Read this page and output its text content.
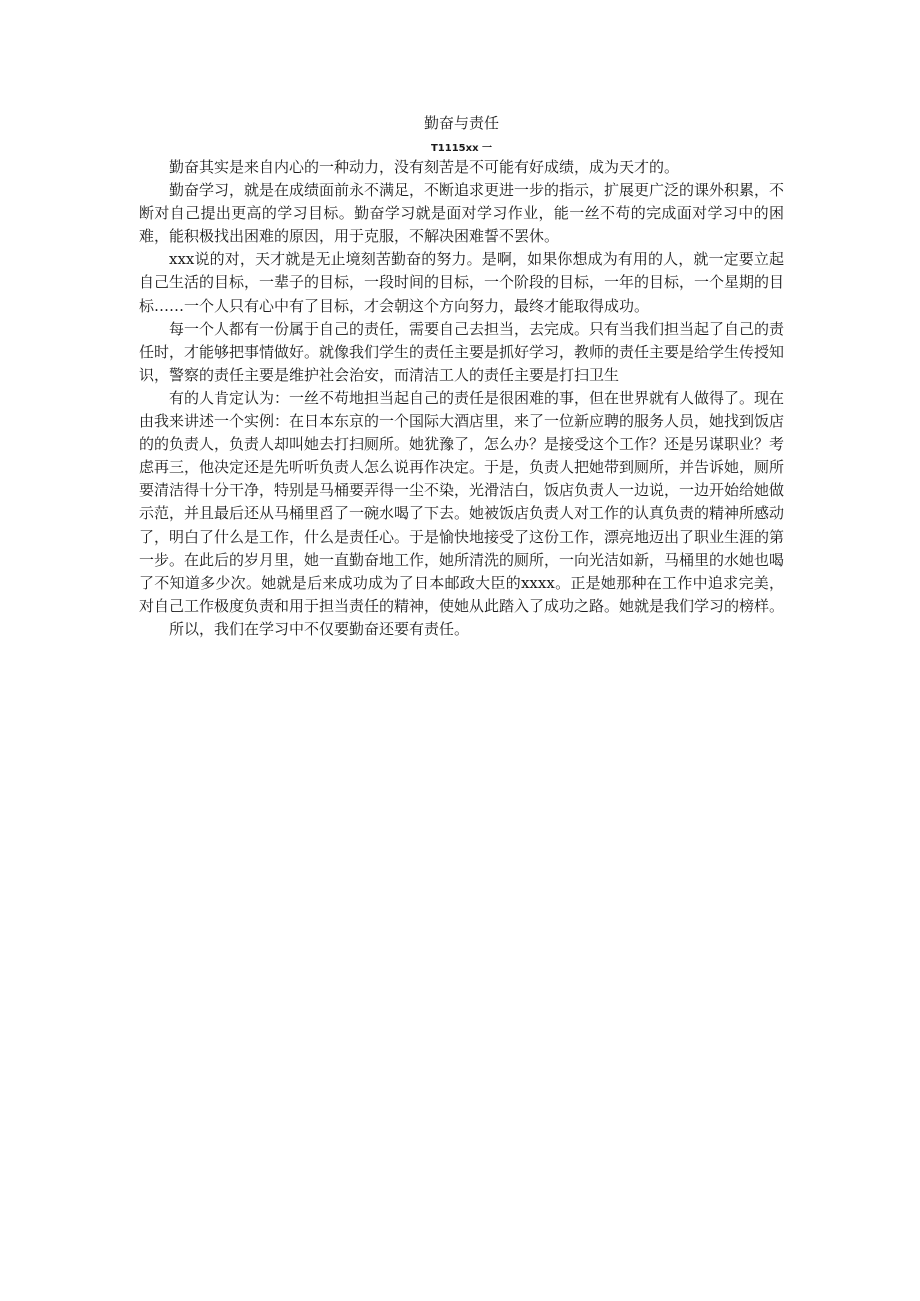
勤奋与责任
T1115xx 一

勤奋其实是来自内心的一种动力，没有刻苦是不可能有好成绩，成为天才的。

勤奋学习，就是在成绩面前永不满足，不断追求更进一步的指示，扩展更广泛的课外积累，不断对自己提出更高的学习目标。勤奋学习就是面对学习作业，能一丝不苟的完成面对学习中的困难，能积极找出困难的原因，用于克服，不解决困难誓不罢休。

xxx说的对，天才就是无止境刻苦勤奋的努力。是啊，如果你想成为有用的人，就一定要立起自己生活的目标，一辈子的目标，一段时间的目标，一个阶段的目标，一年的目标，一个星期的目标……一个人只有心中有了目标，才会朝这个方向努力，最终才能取得成功。

每一个人都有一份属于自己的责任，需要自己去担当，去完成。只有当我们担当起了自己的责任时，才能够把事情做好。就像我们学生的责任主要是抓好学习，教师的责任主要是给学生传授知识，警察的责任主要是维护社会治安，而清洁工人的责任主要是打扫卫生

有的人肯定认为：一丝不苟地担当起自己的责任是很困难的事，但在世界就有人做得了。现在由我来讲述一个实例：在日本东京的一个国际大酒店里，来了一位新应聘的服务人员，她找到饭店的的负责人，负责人却叫她去打扫厕所。她犹豫了，怎么办？是接受这个工作？还是另谋职业？考虑再三，他决定还是先听听负责人怎么说再作决定。于是，负责人把她带到厕所，并告诉她，厕所要清洁得十分干净，特别是马桶要弄得一尘不染，光滑洁白，饭店负责人一边说，一边开始给她做示范，并且最后还从马桶里舀了一碗水喝了下去。她被饭店负责人对工作的认真负责的精神所感动了，明白了什么是工作，什么是责任心。于是愉快地接受了这份工作，漂亮地迈出了职业生涯的第一步。在此后的岁月里，她一直勤奋地工作，她所清洗的厕所，一向光洁如新，马桶里的水她也喝了不知道多少次。她就是后来成功成为了日本邮政大臣的xxxx。正是她那种在工作中追求完美，对自己工作极度负责和用于担当责任的精神，使她从此踏入了成功之路。她就是我们学习的榜样。

所以，我们在学习中不仅要勤奋还要有责任。
